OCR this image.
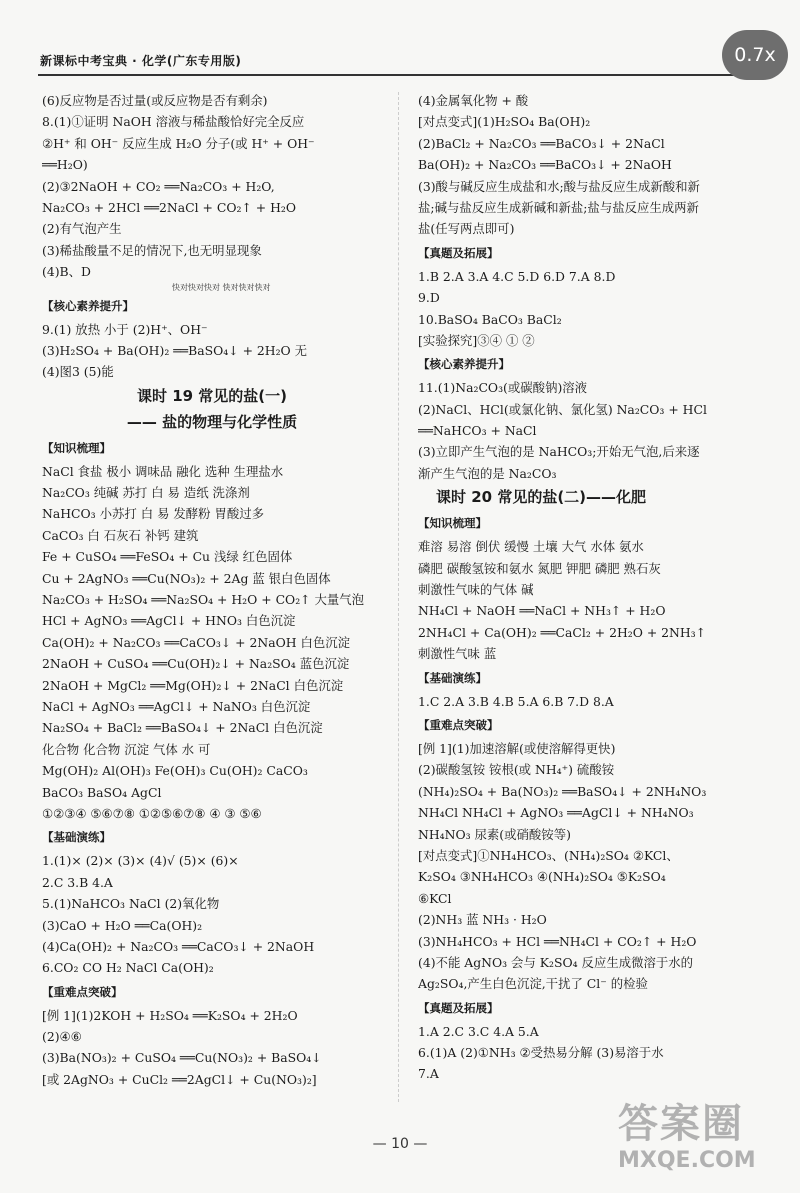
新课标中考宝典 · 化学(广东专用版)	0.7x
(6)反应物是否过量(或反应物是否有剩余)
8.(1)①证明 NaOH 溶液与稀盐酸恰好完全反应
②H⁺ 和 OH⁻ 反应生成 H₂O 分子(或 H⁺ + OH⁻
══H₂O)
(2)③2NaOH + CO₂ ══Na₂CO₃ + H₂O,
Na₂CO₃ + 2HCl ══2NaCl + CO₂↑ + H₂O
(2)有气泡产生
(3)稀盐酸量不足的情况下,也无明显现象
(4)B、D
快对快对快对 快对快对快对
【核心素养提升】
9.(1) 放热 小于 (2)H⁺、OH⁻
(3)H₂SO₄ + Ba(OH)₂ ══BaSO₄↓ + 2H₂O 无
(4)图3 (5)能
课时 19 常见的盐(一)
—— 盐的物理与化学性质
【知识梳理】
NaCl 食盐 极小 调味品 融化 选种 生理盐水
Na₂CO₃ 纯碱 苏打 白 易 造纸 洗涤剂
NaHCO₃ 小苏打 白 易 发酵粉 胃酸过多
CaCO₃ 白 石灰石 补钙 建筑
Fe + CuSO₄ ══FeSO₄ + Cu 浅绿 红色固体
Cu + 2AgNO₃ ══Cu(NO₃)₂ + 2Ag 蓝 银白色固体
Na₂CO₃ + H₂SO₄ ══Na₂SO₄ + H₂O + CO₂↑ 大量气泡
HCl + AgNO₃ ══AgCl↓ + HNO₃ 白色沉淀
Ca(OH)₂ + Na₂CO₃ ══CaCO₃↓ + 2NaOH 白色沉淀
2NaOH + CuSO₄ ══Cu(OH)₂↓ + Na₂SO₄ 蓝色沉淀
2NaOH + MgCl₂ ══Mg(OH)₂↓ + 2NaCl 白色沉淀
NaCl + AgNO₃ ══AgCl↓ + NaNO₃ 白色沉淀
Na₂SO₄ + BaCl₂ ══BaSO₄↓ + 2NaCl 白色沉淀
化合物 化合物 沉淀 气体 水 可
Mg(OH)₂ Al(OH)₃ Fe(OH)₃ Cu(OH)₂ CaCO₃
BaCO₃ BaSO₄ AgCl
①②③④ ⑤⑥⑦⑧ ①②⑤⑥⑦⑧ ④ ③ ⑤⑥
【基础演练】
1.(1)× (2)× (3)× (4)√ (5)× (6)×
2.C 3.B 4.A
5.(1)NaHCO₃ NaCl (2)氧化物
(3)CaO + H₂O ══Ca(OH)₂
(4)Ca(OH)₂ + Na₂CO₃ ══CaCO₃↓ + 2NaOH
6.CO₂ CO H₂ NaCl Ca(OH)₂
【重难点突破】
[例 1](1)2KOH + H₂SO₄ ══K₂SO₄ + 2H₂O
(2)④⑥
(3)Ba(NO₃)₂ + CuSO₄ ══Cu(NO₃)₂ + BaSO₄↓
[或 2AgNO₃ + CuCl₂ ══2AgCl↓ + Cu(NO₃)₂]
(4)金属氧化物 + 酸
[对点变式](1)H₂SO₄ Ba(OH)₂
(2)BaCl₂ + Na₂CO₃ ══BaCO₃↓ + 2NaCl
Ba(OH)₂ + Na₂CO₃ ══BaCO₃↓ + 2NaOH
(3)酸与碱反应生成盐和水;酸与盐反应生成新酸和新
盐;碱与盐反应生成新碱和新盐;盐与盐反应生成两新
盐(任写两点即可)
【真题及拓展】
1.B 2.A 3.A 4.C 5.D 6.D 7.A 8.D
9.D
10.BaSO₄ BaCO₃ BaCl₂
[实验探究]③④ ① ②
【核心素养提升】
11.(1)Na₂CO₃(或碳酸钠)溶液
(2)NaCl、HCl(或氯化钠、氯化氢) Na₂CO₃ + HCl
══NaHCO₃ + NaCl
(3)立即产生气泡的是 NaHCO₃;开始无气泡,后来逐
渐产生气泡的是 Na₂CO₃
课时 20 常见的盐(二)——化肥
【知识梳理】
难溶 易溶 倒伏 缓慢 土壤 大气 水体 氨水
磷肥 碳酸氢铵和氨水 氮肥 钾肥 磷肥 熟石灰
刺激性气味的气体 碱
NH₄Cl + NaOH ══NaCl + NH₃↑ + H₂O
2NH₄Cl + Ca(OH)₂ ══CaCl₂ + 2H₂O + 2NH₃↑
刺激性气味 蓝
【基础演练】
1.C 2.A 3.B 4.B 5.A 6.B 7.D 8.A
【重难点突破】
[例 1](1)加速溶解(或使溶解得更快)
(2)碳酸氢铵 铵根(或 NH₄⁺) 硫酸铵
(NH₄)₂SO₄ + Ba(NO₃)₂ ══BaSO₄↓ + 2NH₄NO₃
NH₄Cl NH₄Cl + AgNO₃ ══AgCl↓ + NH₄NO₃
NH₄NO₃ 尿素(或硝酸铵等)
[对点变式]①NH₄HCO₃、(NH₄)₂SO₄ ②KCl、
K₂SO₄ ③NH₄HCO₃ ④(NH₄)₂SO₄ ⑤K₂SO₄
⑥KCl
(2)NH₃ 蓝 NH₃ · H₂O
(3)NH₄HCO₃ + HCl ══NH₄Cl + CO₂↑ + H₂O
(4)不能 AgNO₃ 会与 K₂SO₄ 反应生成微溶于水的
Ag₂SO₄,产生白色沉淀,干扰了 Cl⁻ 的检验
【真题及拓展】
1.A 2.C 3.C 4.A 5.A
6.(1)A (2)①NH₃ ②受热易分解 (3)易溶于水
7.A
— 10 —	答案圈
MXQE.COM
